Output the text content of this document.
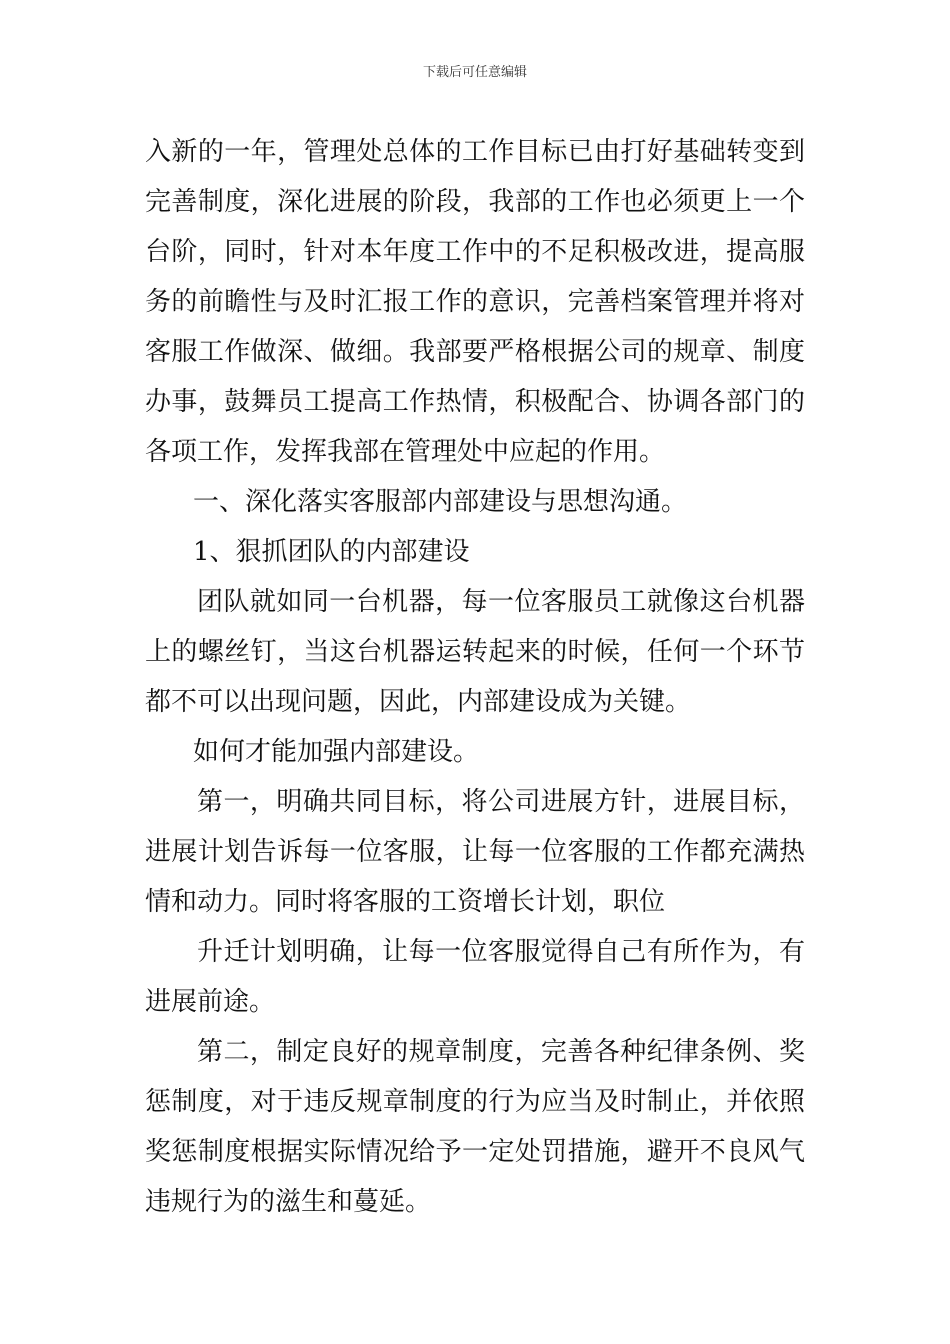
下载后可任意编辑

入新的一年，管理处总体的工作目标已由打好基础转变到完善制度，深化进展的阶段，我部的工作也必须更上一个台阶，同时，针对本年度工作中的不足积极改进，提高服务的前瞻性与及时汇报工作的意识，完善档案管理并将对客服工作做深、做细。我部要严格根据公司的规章、制度办事，鼓舞员工提高工作热情，积极配合、协调各部门的各项工作，发挥我部在管理处中应起的作用。

一、深化落实客服部内部建设与思想沟通。

1、狠抓团队的内部建设

团队就如同一台机器，每一位客服员工就像这台机器上的螺丝钉，当这台机器运转起来的时候，任何一个环节都不可以出现问题，因此，内部建设成为关键。

如何才能加强内部建设。

第一，明确共同目标，将公司进展方针，进展目标，进展计划告诉每一位客服，让每一位客服的工作都充满热情和动力。同时将客服的工资增长计划，职位

升迁计划明确，让每一位客服觉得自己有所作为，有进展前途。

第二，制定良好的规章制度，完善各种纪律条例、奖惩制度，对于违反规章制度的行为应当及时制止，并依照奖惩制度根据实际情况给予一定处罚措施，避开不良风气违规行为的滋生和蔓延。
